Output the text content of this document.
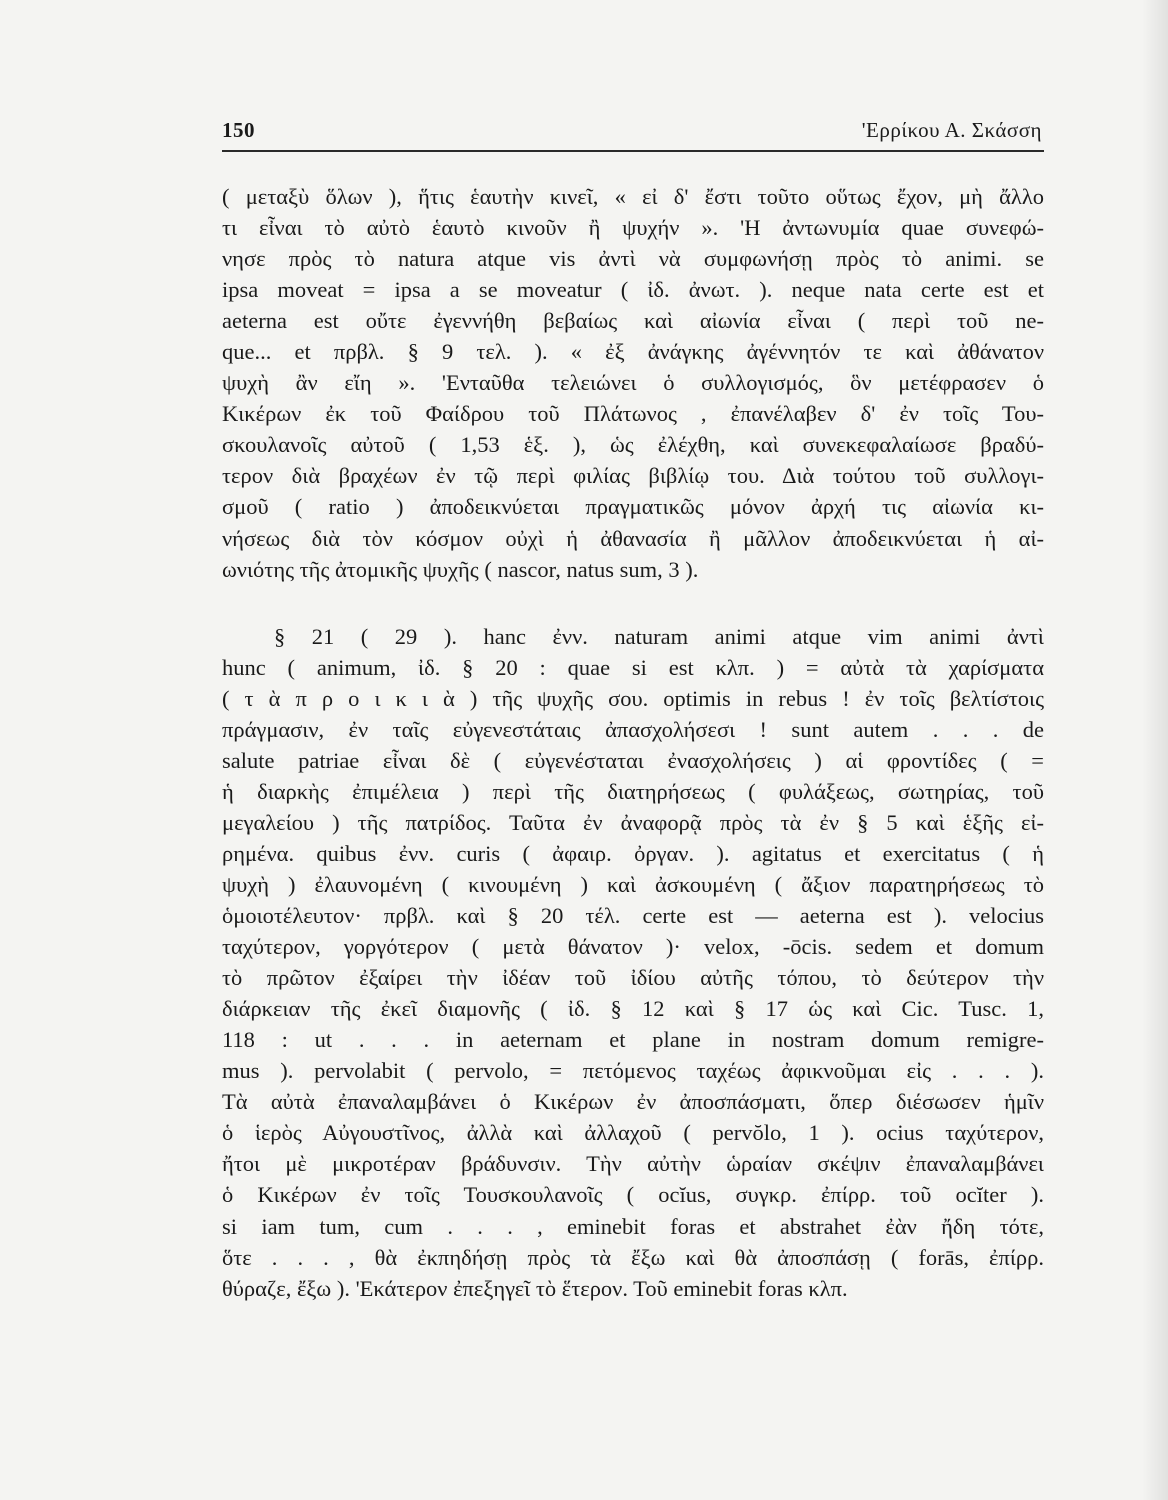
150	'Ερρίκου Α. Σκάσση
( μεταξὺ ὅλων ), ἥτις ἑαυτὴν κινεῖ, « εἰ δ' ἔστι τοῦτο οὕτως ἔχον, μὴ ἄλλο
τι εἶναι τὸ αὐτὸ ἑαυτὸ κινοῦν ἢ ψυχήν ». 'Η ἀντωνυμία quae συνεφώ-
νησε πρὸς τὸ natura atque vis ἀντὶ νὰ συμφωνήσῃ πρὸς τὸ animi. se
ipsa moveat = ipsa a se moveatur ( ἰδ. ἀνωτ. ). neque nata certe est et
aeterna est οὔτε ἐγεννήθη βεβαίως καὶ αἰωνία εἶναι ( περὶ τοῦ ne-
que... et πρβλ. § 9 τελ. ). « ἐξ ἀνάγκης ἀγέννητόν τε καὶ ἀθάνατον
ψυχὴ ἂν εἴη ». 'Ενταῦθα τελειώνει ὁ συλλογισμός, ὃν μετέφρασεν ὁ
Κικέρων ἐκ τοῦ Φαίδρου τοῦ Πλάτωνος , ἐπανέλαβεν δ' ἐν τοῖς Του-
σκουλανοῖς αὐτοῦ ( 1,53 ἑξ. ), ὡς ἐλέχθη, καὶ συνεκεφαλαίωσε βραδύ-
τερον διὰ βραχέων ἐν τῷ περὶ φιλίας βιβλίῳ του. Διὰ τούτου τοῦ συλλογι-
σμοῦ ( ratio ) ἀποδεικνύεται πραγματικῶς μόνον ἀρχή τις αἰωνία κι-
νήσεως διὰ τὸν κόσμον οὐχὶ ἡ ἀθανασία ἢ μᾶλλον ἀποδεικνύεται ἡ αἰ-
ωνιότης τῆς ἀτομικῆς ψυχῆς ( nascor, natus sum, 3 ).
§ 21 ( 29 ). hanc ἐνν. naturam animi atque vim animi ἀντὶ
hunc ( animum, ἰδ. § 20 : quae si est κλπ. ) = αὐτὰ τὰ χαρίσματα
( τ ὰ π ρ ο ι κ ι ὰ ) τῆς ψυχῆς σου. optimis in rebus ! ἐν τοῖς βελτίστοις
πράγμασιν, ἐν ταῖς εὐγενεστάταις ἀπασχολήσεσι ! sunt autem . . . de
salute patriae εἶναι δὲ ( εὐγενέσταται ἐνασχολήσεις ) αἱ φροντίδες ( =
ἡ διαρκὴς ἐπιμέλεια ) περὶ τῆς διατηρήσεως ( φυλάξεως, σωτηρίας, τοῦ
μεγαλείου ) τῆς πατρίδος. Ταῦτα ἐν ἀναφορᾷ πρὸς τὰ ἐν § 5 καὶ ἑξῆς εἰ-
ρημένα. quibus ἐνν. curis ( ἀφαιρ. ὀργαν. ). agitatus et exercitatus ( ἡ
ψυχὴ ) ἐλαυνομένη ( κινουμένη ) καὶ ἀσκουμένη ( ἄξιον παρατηρήσεως τὸ
ὁμοιοτέλευτον· πρβλ. καὶ § 20 τέλ. certe est — aeterna est ). velocius
ταχύτερον, γοργότερον ( μετὰ θάνατον )· velox, -ōcis. sedem et domum
τὸ πρῶτον ἐξαίρει τὴν ἰδέαν τοῦ ἰδίου αὐτῆς τόπου, τὸ δεύτερον τὴν
διάρκειαν τῆς ἐκεῖ διαμονῆς ( ἰδ. § 12 καὶ § 17 ὡς καὶ Cic. Tusc. 1,
118 : ut . . . in aeternam et plane in nostram domum remigre-
mus ). pervolabit ( pervolo, = πετόμενος ταχέως ἀφικνοῦμαι εἰς . . . ).
Τὰ αὐτὰ ἐπαναλαμβάνει ὁ Κικέρων ἐν ἀποσπάσματι, ὅπερ διέσωσεν ἡμῖν
ὁ ἱερὸς Αὐγουστῖνος, ἀλλὰ καὶ ἀλλαχοῦ ( pervŏlo, 1 ). ocius ταχύτερον,
ἤτοι μὲ μικροτέραν βράδυνσιν. Τὴν αὐτὴν ὡραίαν σκέψιν ἐπαναλαμβάνει
ὁ Κικέρων ἐν τοῖς Τουσκουλανοῖς ( ocĭus, συγκρ. ἐπίρρ. τοῦ ocĭter ).
si iam tum, cum . . . , eminebit foras et abstrahet ἐὰν ἤδη τότε,
ὅτε . . . , θὰ ἐκπηδήσῃ πρὸς τὰ ἔξω καὶ θὰ ἀποσπάσῃ ( forās, ἐπίρρ.
θύραζε, ἔξω ). 'Εκάτερον ἐπεξηγεῖ τὸ ἕτερον. Τοῦ eminebit foras κλπ.
